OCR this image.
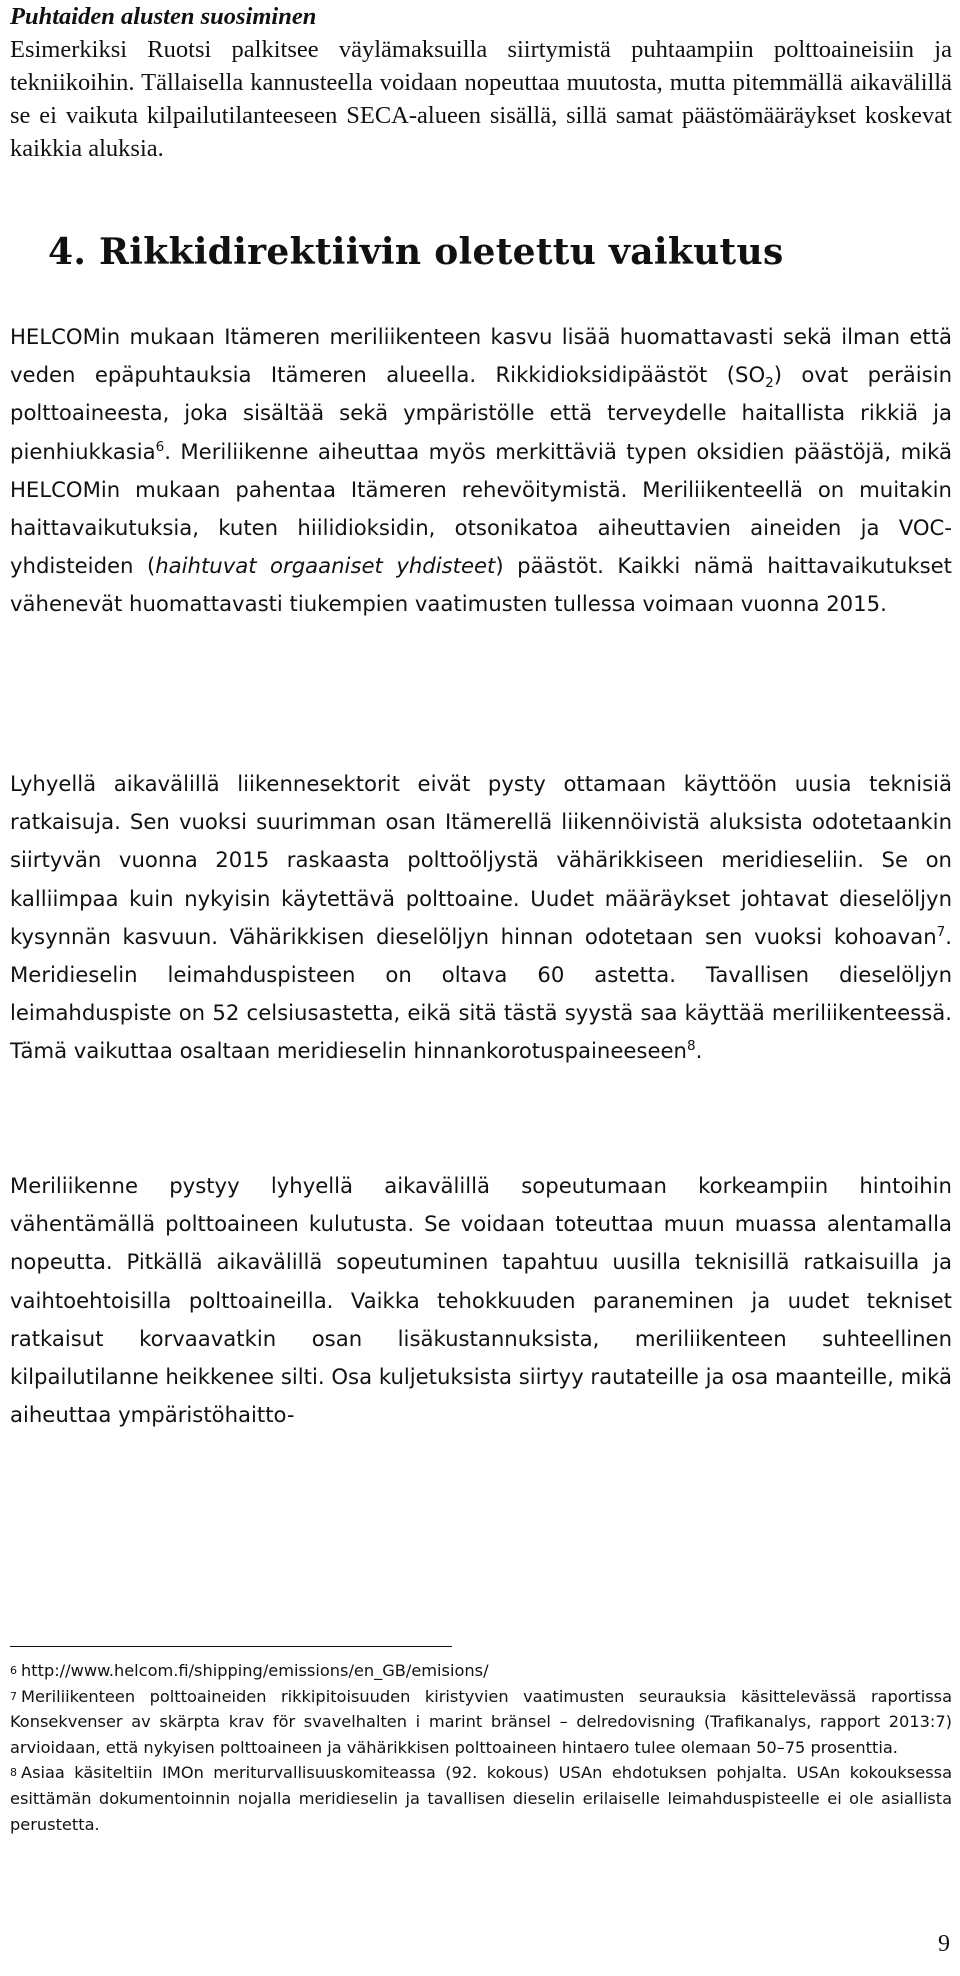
Puhtaiden alusten suosiminen

Esimerkiksi Ruotsi palkitsee väylämaksuilla siirtymistä puhtaampiin polttoaineisiin ja tekniikoihin. Tällaisella kannusteella voidaan nopeuttaa muutosta, mutta pitemmällä aikavälillä se ei vaikuta kilpailutilanteeseen SECA-alueen sisällä, sillä samat päästömääräykset koskevat kaikkia aluksia.

4. Rikkidirektiivin oletettu vaikutus

HELCOMin mukaan Itämeren meriliikenteen kasvu lisää huomattavasti sekä ilman että veden epäpuhtauksia Itämeren alueella. Rikkidioksidipäästöt $(SO_2)$ ovat peräisin polttoaineesta, joka sisältää sekä ympäristölle että terveydelle haitallista rikkiä ja pienhiukkasia$^6$. Meriliikenne aiheuttaa myös merkittäviä typen oksidien päästöjä, mikä HELCOMin mukaan pahentaa Itämeren rehevöitymistä. Meriliikenteellä on muitakin haittavaikutuksia, kuten hiilidioksidin, otsonikatoa aiheuttavien aineiden ja VOC-yhdisteiden (haihtuvat orgaaniset yhdisteet) päästöt. Kaikki nämä haittavaikutukset vähenevät huomattavasti tiukempien vaatimusten tullessa voimaan vuonna 2015.

Lyhyellä aikavälillä liikennesektorit eivät pysty ottamaan käyttöön uusia teknisiä ratkaisuja. Sen vuoksi suurimman osan Itämerellä liikennöivistä aluksista odotetaankin siirtyvän vuonna 2015 raskaasta polttoöljystä vähärikkiseen meridieseliin. Se on kalliimpaa kuin nykyisin käytettävä polttoaine. Uudet määräykset johtavat dieselöljyn kysynnän kasvuun. Vähärikkisen dieselöljyn hinnan odotetaan sen vuoksi kohoavan$^7$. Meridieselin leimahduspisteen on oltava 60 astetta. Tavallisen dieselöljyn leimahduspiste on 52 celsiusastetta, eikä sitä tästä syystä saa käyttää meriliikenteessä. Tämä vaikuttaa osaltaan meridieselin hinnankorotuspaineeseen$^8$.

Meriliikenne pystyy lyhyellä aikavälillä sopeutumaan korkeampiin hintoihin vähentämällä polttoaineen kulutusta. Se voidaan toteuttaa muun muassa alentamalla nopeutta. Pitkällä aikavälillä sopeutuminen tapahtuu uusilla teknisillä ratkaisuilla ja vaihtoehtoisilla polttoaineilla. Vaikka tehokkuuden paraneminen ja uudet tekniset ratkaisut korvaavatkin osan lisäkustannuksista, meriliikenteen suhteellinen kilpailutilanne heikkenee silti. Osa kuljetuksista siirtyy rautateille ja osa maanteille, mikä aiheuttaa ympäristöhaitto-

6 http://www.helcom.fi/shipping/emissions/en_GB/emisions/

7 Meriliikenteen polttoaineiden rikkipitoisuuden kiristyvien vaatimusten seurauksia käsittelevässä raportissa Konsekvenser av skärpta krav för svavelhalten i marint bränsel – delredovisning (Trafikanalys, rapport 2013:7) arvioidaan, että nykyisen polttoaineen ja vähärikkisen polttoaineen hintaero tulee olemaan 50–75 prosenttia.

8 Asiaa käsiteltiin IMOn meriturvallisuuskomiteassa (92. kokous) USAn ehdotuksen pohjalta. USAn kokouksessa esittämän dokumentoinnin nojalla meridieselin ja tavallisen dieselin erilaiselle leimahduspisteelle ei ole asiallista perustetta.

9
